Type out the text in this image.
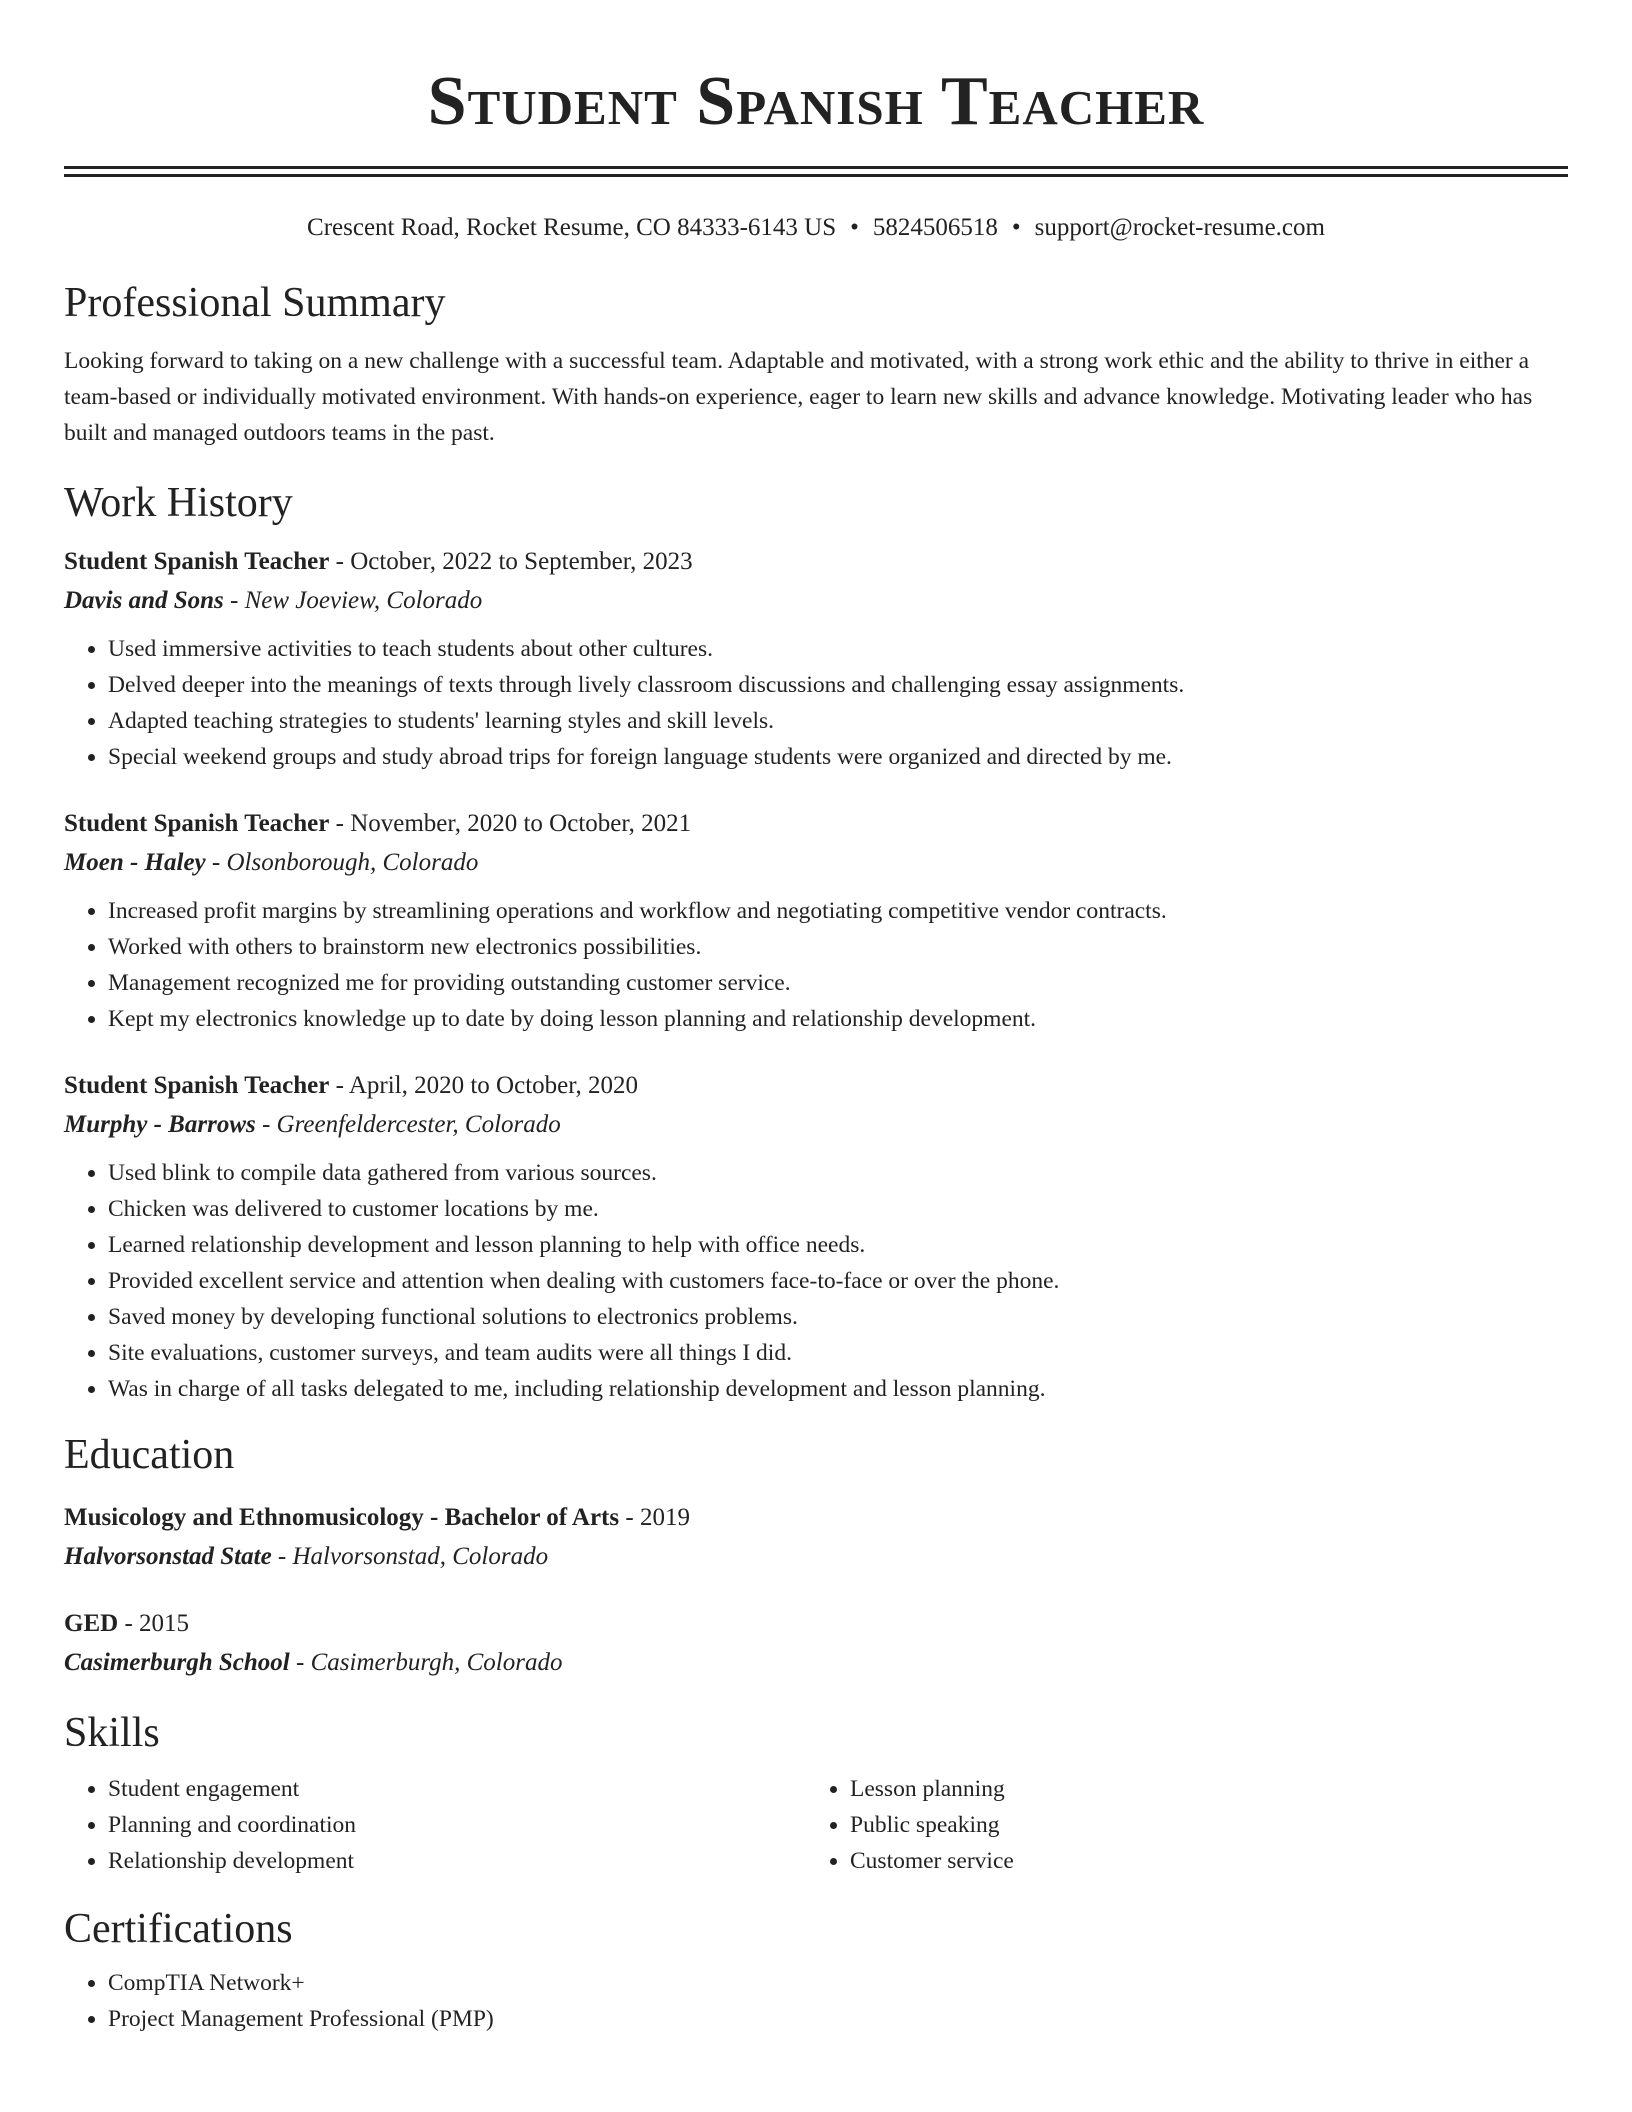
Student Spanish Teacher
Crescent Road, Rocket Resume, CO 84333-6143 US • 5824506518 • support@rocket-resume.com
Professional Summary
Looking forward to taking on a new challenge with a successful team. Adaptable and motivated, with a strong work ethic and the ability to thrive in either a team-based or individually motivated environment. With hands-on experience, eager to learn new skills and advance knowledge. Motivating leader who has built and managed outdoors teams in the past.
Work History
Student Spanish Teacher - October, 2022 to September, 2023
Davis and Sons - New Joeview, Colorado
• Used immersive activities to teach students about other cultures.
• Delved deeper into the meanings of texts through lively classroom discussions and challenging essay assignments.
• Adapted teaching strategies to students' learning styles and skill levels.
• Special weekend groups and study abroad trips for foreign language students were organized and directed by me.
Student Spanish Teacher - November, 2020 to October, 2021
Moen - Haley - Olsonborough, Colorado
• Increased profit margins by streamlining operations and workflow and negotiating competitive vendor contracts.
• Worked with others to brainstorm new electronics possibilities.
• Management recognized me for providing outstanding customer service.
• Kept my electronics knowledge up to date by doing lesson planning and relationship development.
Student Spanish Teacher - April, 2020 to October, 2020
Murphy - Barrows - Greenfeldercester, Colorado
• Used blink to compile data gathered from various sources.
• Chicken was delivered to customer locations by me.
• Learned relationship development and lesson planning to help with office needs.
• Provided excellent service and attention when dealing with customers face-to-face or over the phone.
• Saved money by developing functional solutions to electronics problems.
• Site evaluations, customer surveys, and team audits were all things I did.
• Was in charge of all tasks delegated to me, including relationship development and lesson planning.
Education
Musicology and Ethnomusicology - Bachelor of Arts - 2019
Halvorsonstad State - Halvorsonstad, Colorado
GED - 2015
Casimerburgh School - Casimerburgh, Colorado
Skills
• Student engagement
• Planning and coordination
• Relationship development
• Lesson planning
• Public speaking
• Customer service
Certifications
• CompTIA Network+
• Project Management Professional (PMP)
